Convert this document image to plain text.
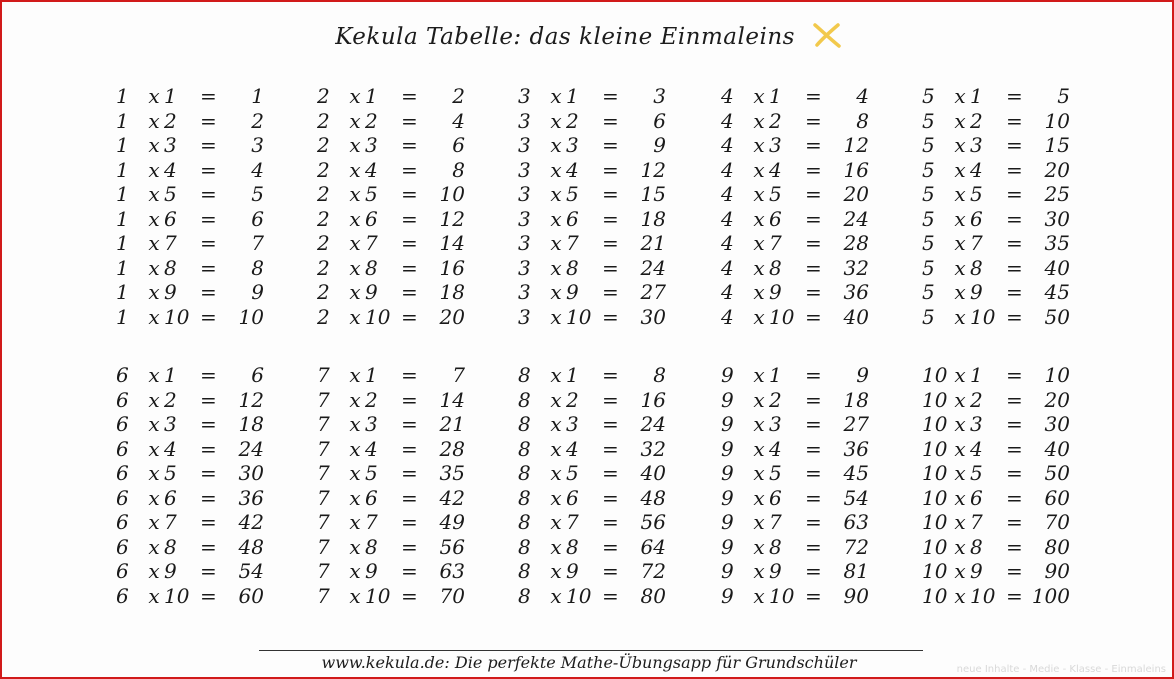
Kekula Tabelle: das kleine Einmaleins
1 x 1	=	1
1 x 2	=	2
1 x 3	=	3
1 x 4	=	4
1 x 5	=	5
1 x 6	=	6
1 x 7	=	7
1 x 8	=	8
1 x 9	=	9
1 x 10 =	10
2 x 1	=	2
2 x 2	=	4
2 x 3	=	6
2 x 4	=	8
2 x 5	=	10
2 x 6	=	12
2 x 7	=	14
2 x 8	=	16
2 x 9	=	18
2 x 10 =	20
3 x 1	=	3
3 x 2	=	6
3 x 3	=	9
3 x 4	=	12
3 x 5	=	15
3 x 6	=	18
3 x 7	=	21
3 x 8	=	24
3 x 9	=	27
3 x 10 =	30
4 x 1	=	4
4 x 2	=	8
4 x 3	=	12
4 x 4	=	16
4 x 5	=	20
4 x 6	=	24
4 x 7	=	28
4 x 8	=	32
4 x 9	=	36
4 x 10 =	40
5 x 1	=	5
5 x 2	=	10
5 x 3	=	15
5 x 4	=	20
5 x 5	=	25
5 x 6	=	30
5 x 7	=	35
5 x 8	=	40
5 x 9	=	45
5 x 10 =	50
6 x 1	=	6
6 x 2	=	12
6 x 3	=	18
6 x 4	=	24
6 x 5	=	30
6 x 6	=	36
6 x 7	=	42
6 x 8	=	48
6 x 9	=	54
6 x 10 =	60
7 x 1	=	7
7 x 2	=	14
7 x 3	=	21
7 x 4	=	28
7 x 5	=	35
7 x 6	=	42
7 x 7	=	49
7 x 8	=	56
7 x 9	=	63
7 x 10 =	70
8 x 1	=	8
8 x 2	=	16
8 x 3	=	24
8 x 4	=	32
8 x 5	=	40
8 x 6	=	48
8 x 7	=	56
8 x 8	=	64
8 x 9	=	72
8 x 10 =	80
9 x 1	=	9
9 x 2	=	18
9 x 3	=	27
9 x 4	=	36
9 x 5	=	45
9 x 6	=	54
9 x 7	=	63
9 x 8	=	72
9 x 9	=	81
9 x 10 =	90
10 x 1	=	10
10 x 2	=	20
10 x 3	=	30
10 x 4	=	40
10 x 5	=	50
10 x 6	=	60
10 x 7	=	70
10 x 8	=	80
10 x 9	=	90
10 x 10 = 100
www.kekula.de: Die perfekte Mathe-Übungsapp für Grundschüler	neue Inhalte - Medie - Klasse - Einmaleins
